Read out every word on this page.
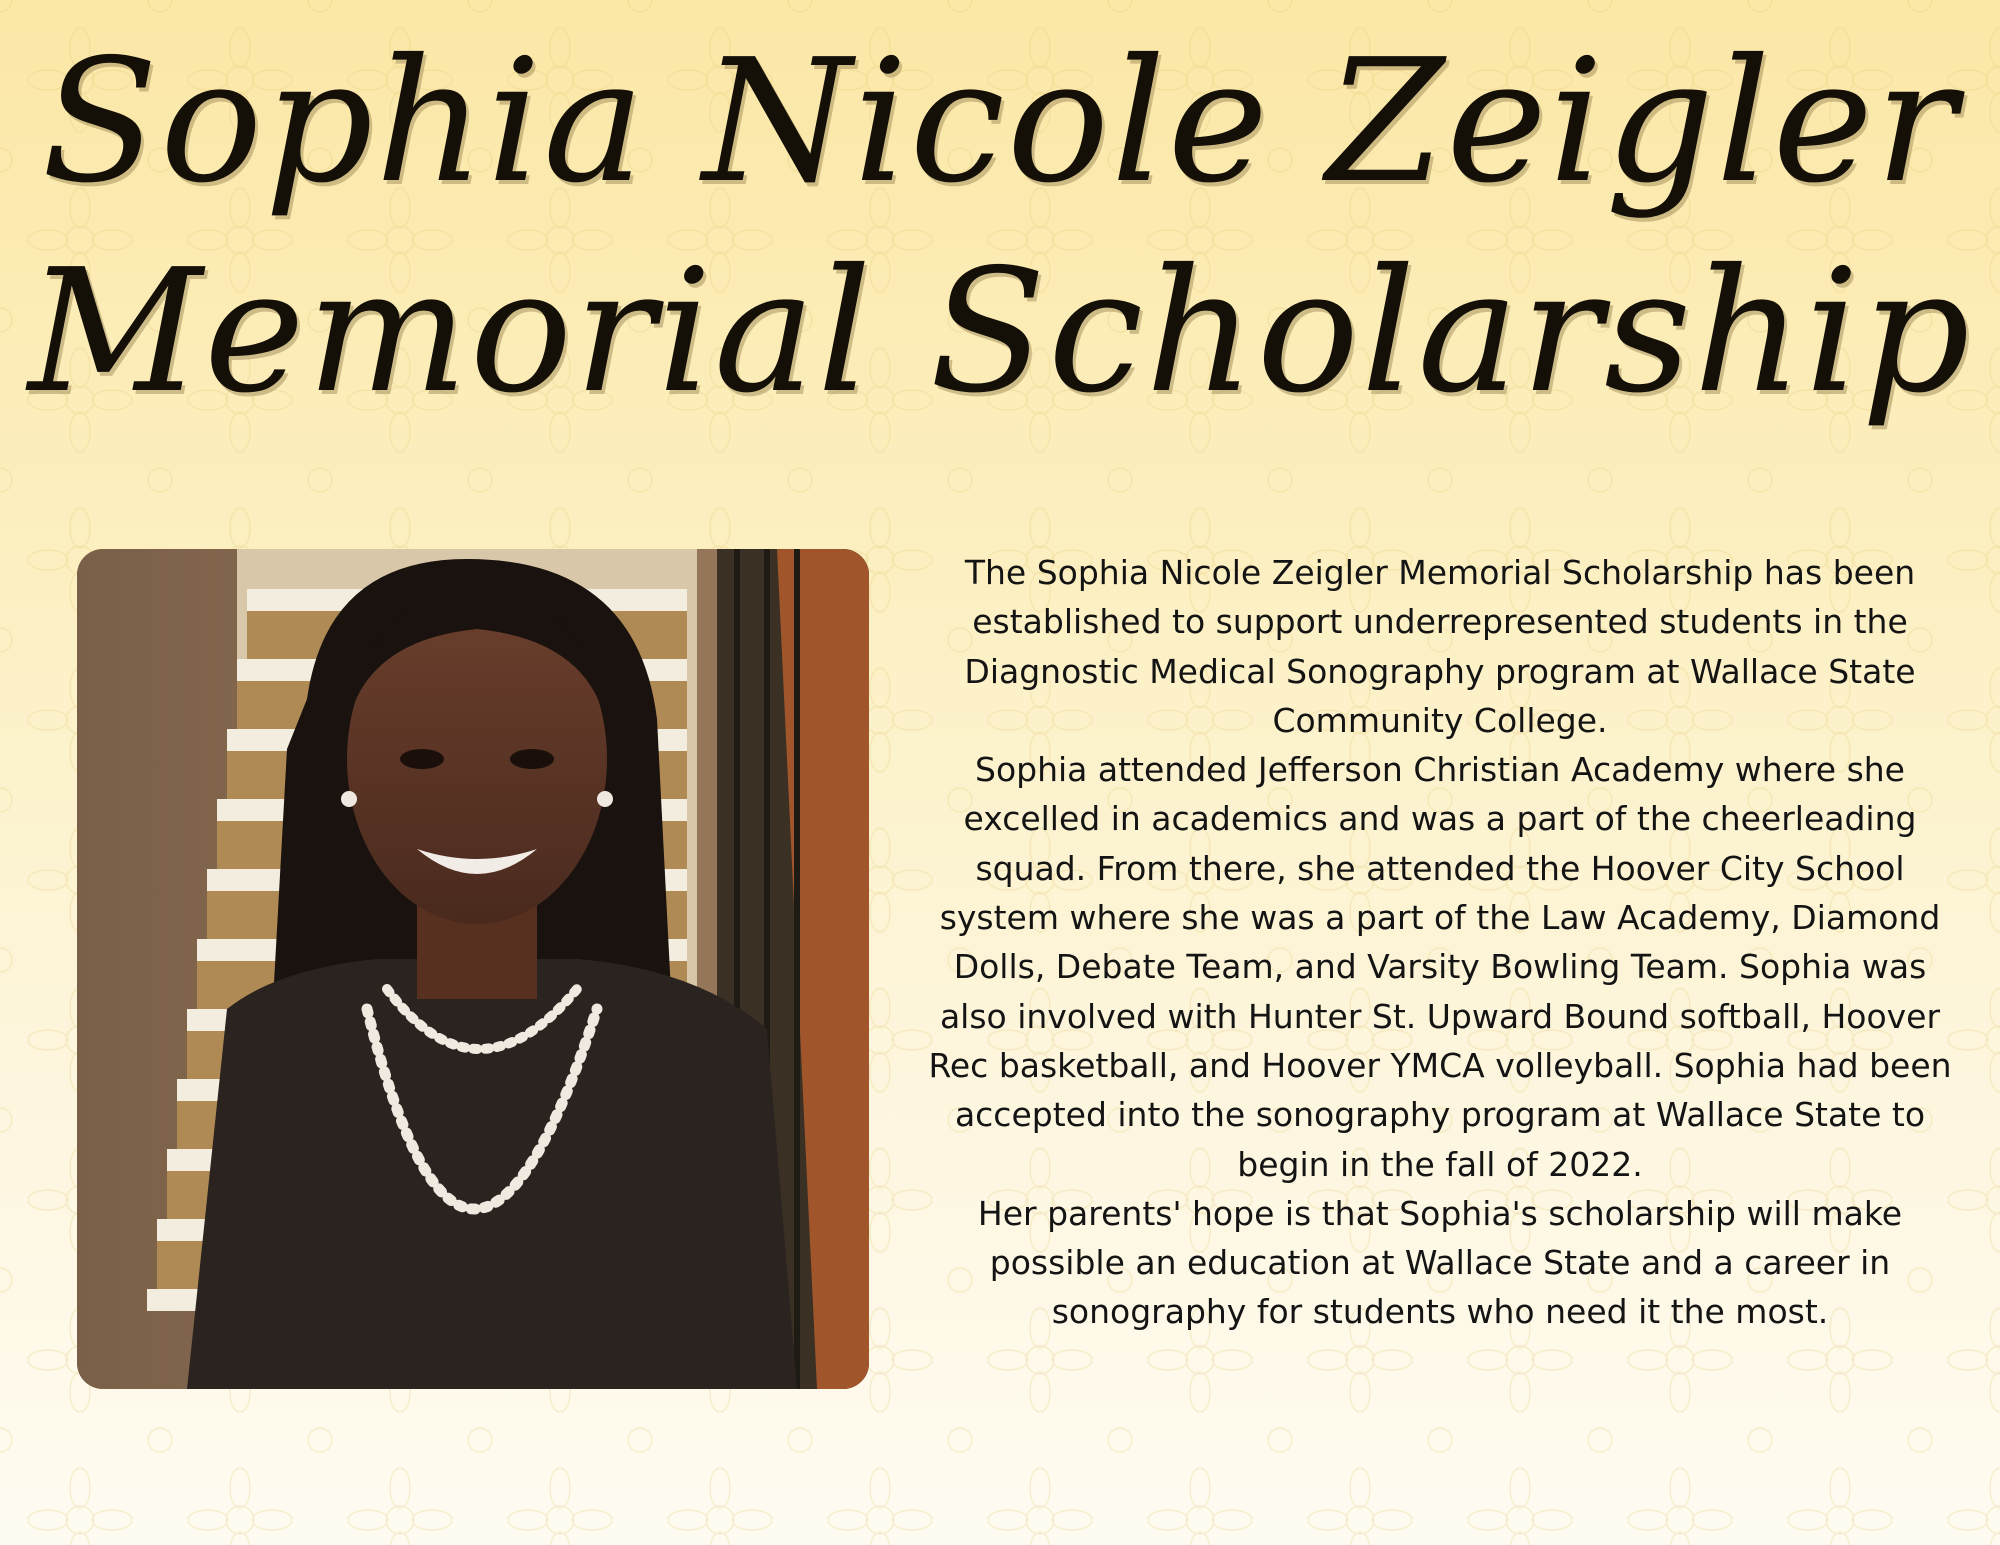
Sophia Nicole Zeigler
Memorial Scholarship

The Sophia Nicole Zeigler Memorial Scholarship has been established to support underrepresented students in the Diagnostic Medical Sonography program at Wallace State Community College.

Sophia attended Jefferson Christian Academy where she excelled in academics and was a part of the cheerleading squad. From there, she attended the Hoover City School system where she was a part of the Law Academy, Diamond Dolls, Debate Team, and Varsity Bowling Team. Sophia was also involved with Hunter St. Upward Bound softball, Hoover Rec basketball, and Hoover YMCA volleyball. Sophia had been accepted into the sonography program at Wallace State to begin in the fall of 2022.

Her parents' hope is that Sophia's scholarship will make possible an education at Wallace State and a career in sonography for students who need it the most.
